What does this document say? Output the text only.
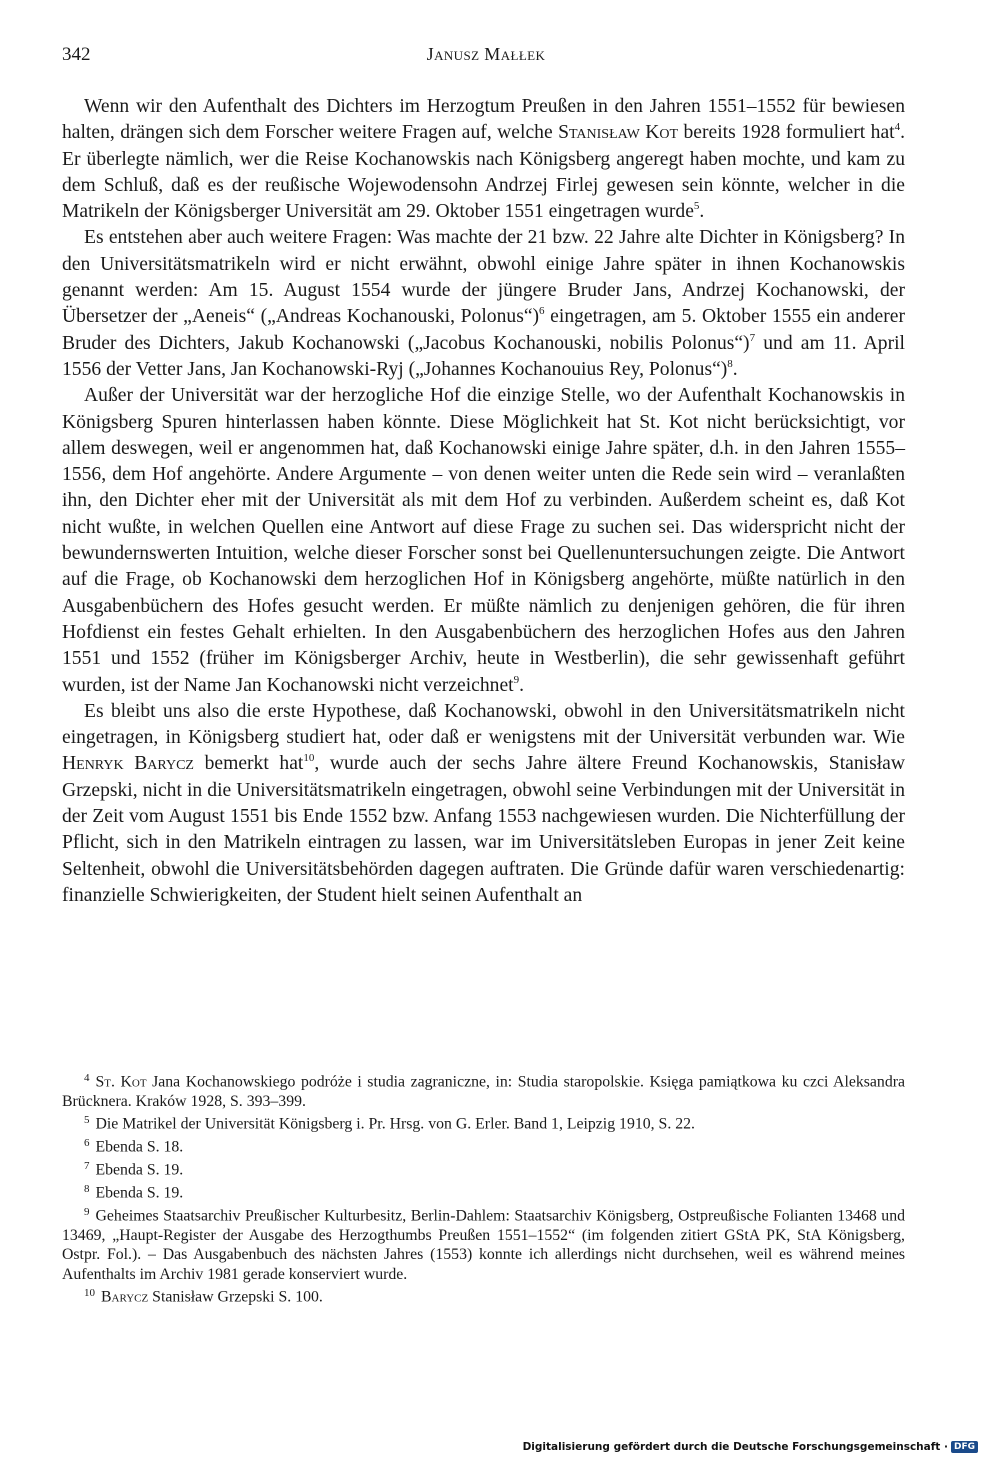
342	Janusz Małłek

Wenn wir den Aufenthalt des Dichters im Herzogtum Preußen in den Jahren 1551–1552 für bewiesen halten, drängen sich dem Forscher weitere Fragen auf, welche Stanisław Kot bereits 1928 formuliert hat$^4$. Er überlegte nämlich, wer die Reise Kochanowskis nach Königsberg angeregt haben mochte, und kam zu dem Schluß, daß es der reußische Wojewodensohn Andrzej Firlej gewesen sein könnte, welcher in die Matrikeln der Königsberger Universität am 29. Oktober 1551 eingetragen wurde$^5$.

Es entstehen aber auch weitere Fragen: Was machte der 21 bzw. 22 Jahre alte Dichter in Königsberg? In den Universitätsmatrikeln wird er nicht erwähnt, obwohl einige Jahre später in ihnen Kochanowskis genannt werden: Am 15. August 1554 wurde der jüngere Bruder Jans, Andrzej Kochanowski, der Übersetzer der „Aeneis“ („Andreas Kochanouski, Polonus“)$^6$ eingetragen, am 5. Oktober 1555 ein anderer Bruder des Dichters, Jakub Kochanowski („Jacobus Kochanouski, nobilis Polonus“)$^7$ und am 11. April 1556 der Vetter Jans, Jan Kochanowski-Ryj („Johannes Kochanouius Rey, Polonus“)$^8$.

Außer der Universität war der herzogliche Hof die einzige Stelle, wo der Aufenthalt Kochanowskis in Königsberg Spuren hinterlassen haben könnte. Diese Möglichkeit hat St. Kot nicht berücksichtigt, vor allem deswegen, weil er angenommen hat, daß Kochanowski einige Jahre später, d.h. in den Jahren 1555–1556, dem Hof angehörte. Andere Argumente – von denen weiter unten die Rede sein wird – veranlaßten ihn, den Dichter eher mit der Universität als mit dem Hof zu verbinden. Außerdem scheint es, daß Kot nicht wußte, in welchen Quellen eine Antwort auf diese Frage zu suchen sei. Das widerspricht nicht der bewundernswerten Intuition, welche dieser Forscher sonst bei Quellenuntersuchungen zeigte. Die Antwort auf die Frage, ob Kochanowski dem herzoglichen Hof in Königsberg angehörte, müßte natürlich in den Ausgabenbüchern des Hofes gesucht werden. Er müßte nämlich zu denjenigen gehören, die für ihren Hofdienst ein festes Gehalt erhielten. In den Ausgabenbüchern des herzoglichen Hofes aus den Jahren 1551 und 1552 (früher im Königsberger Archiv, heute in Westberlin), die sehr gewissenhaft geführt wurden, ist der Name Jan Kochanowski nicht verzeichnet$^9$.

Es bleibt uns also die erste Hypothese, daß Kochanowski, obwohl in den Universitätsmatrikeln nicht eingetragen, in Königsberg studiert hat, oder daß er wenigstens mit der Universität verbunden war. Wie Henryk Barycz bemerkt hat$^{10}$, wurde auch der sechs Jahre ältere Freund Kochanowskis, Stanisław Grzepski, nicht in die Universitätsmatrikeln eingetragen, obwohl seine Verbindungen mit der Universität in der Zeit vom August 1551 bis Ende 1552 bzw. Anfang 1553 nachgewiesen wurden. Die Nichterfüllung der Pflicht, sich in den Matrikeln eintragen zu lassen, war im Universitätsleben Europas in jener Zeit keine Seltenheit, obwohl die Universitätsbehörden dagegen auftraten. Die Gründe dafür waren verschiedenartig: finanzielle Schwierigkeiten, der Student hielt seinen Aufenthalt an

$^4$ St. Kot Jana Kochanowskiego podróże i studia zagraniczne, in: Studia staropolskie. Księga pamiątkowa ku czci Aleksandra Brücknera. Kraków 1928, S. 393–399.

$^5$ Die Matrikel der Universität Königsberg i. Pr. Hrsg. von G. Erler. Band 1, Leipzig 1910, S. 22.

$^6$ Ebenda S. 18.

$^7$ Ebenda S. 19.

$^8$ Ebenda S. 19.

$^9$ Geheimes Staatsarchiv Preußischer Kulturbesitz, Berlin-Dahlem: Staatsarchiv Königsberg, Ostpreußische Folianten 13468 und 13469, „Haupt-Register der Ausgabe des Herzogthumbs Preußen 1551–1552“ (im folgenden zitiert GStA PK, StA Königsberg, Ostpr. Fol.). – Das Ausgabenbuch des nächsten Jahres (1553) konnte ich allerdings nicht durchsehen, weil es während meines Aufenthalts im Archiv 1981 gerade konserviert wurde.

$^{10}$ Barycz Stanisław Grzepski S. 100.

Digitalisierung gefördert durch die Deutsche Forschungsgemeinschaft · DFG
